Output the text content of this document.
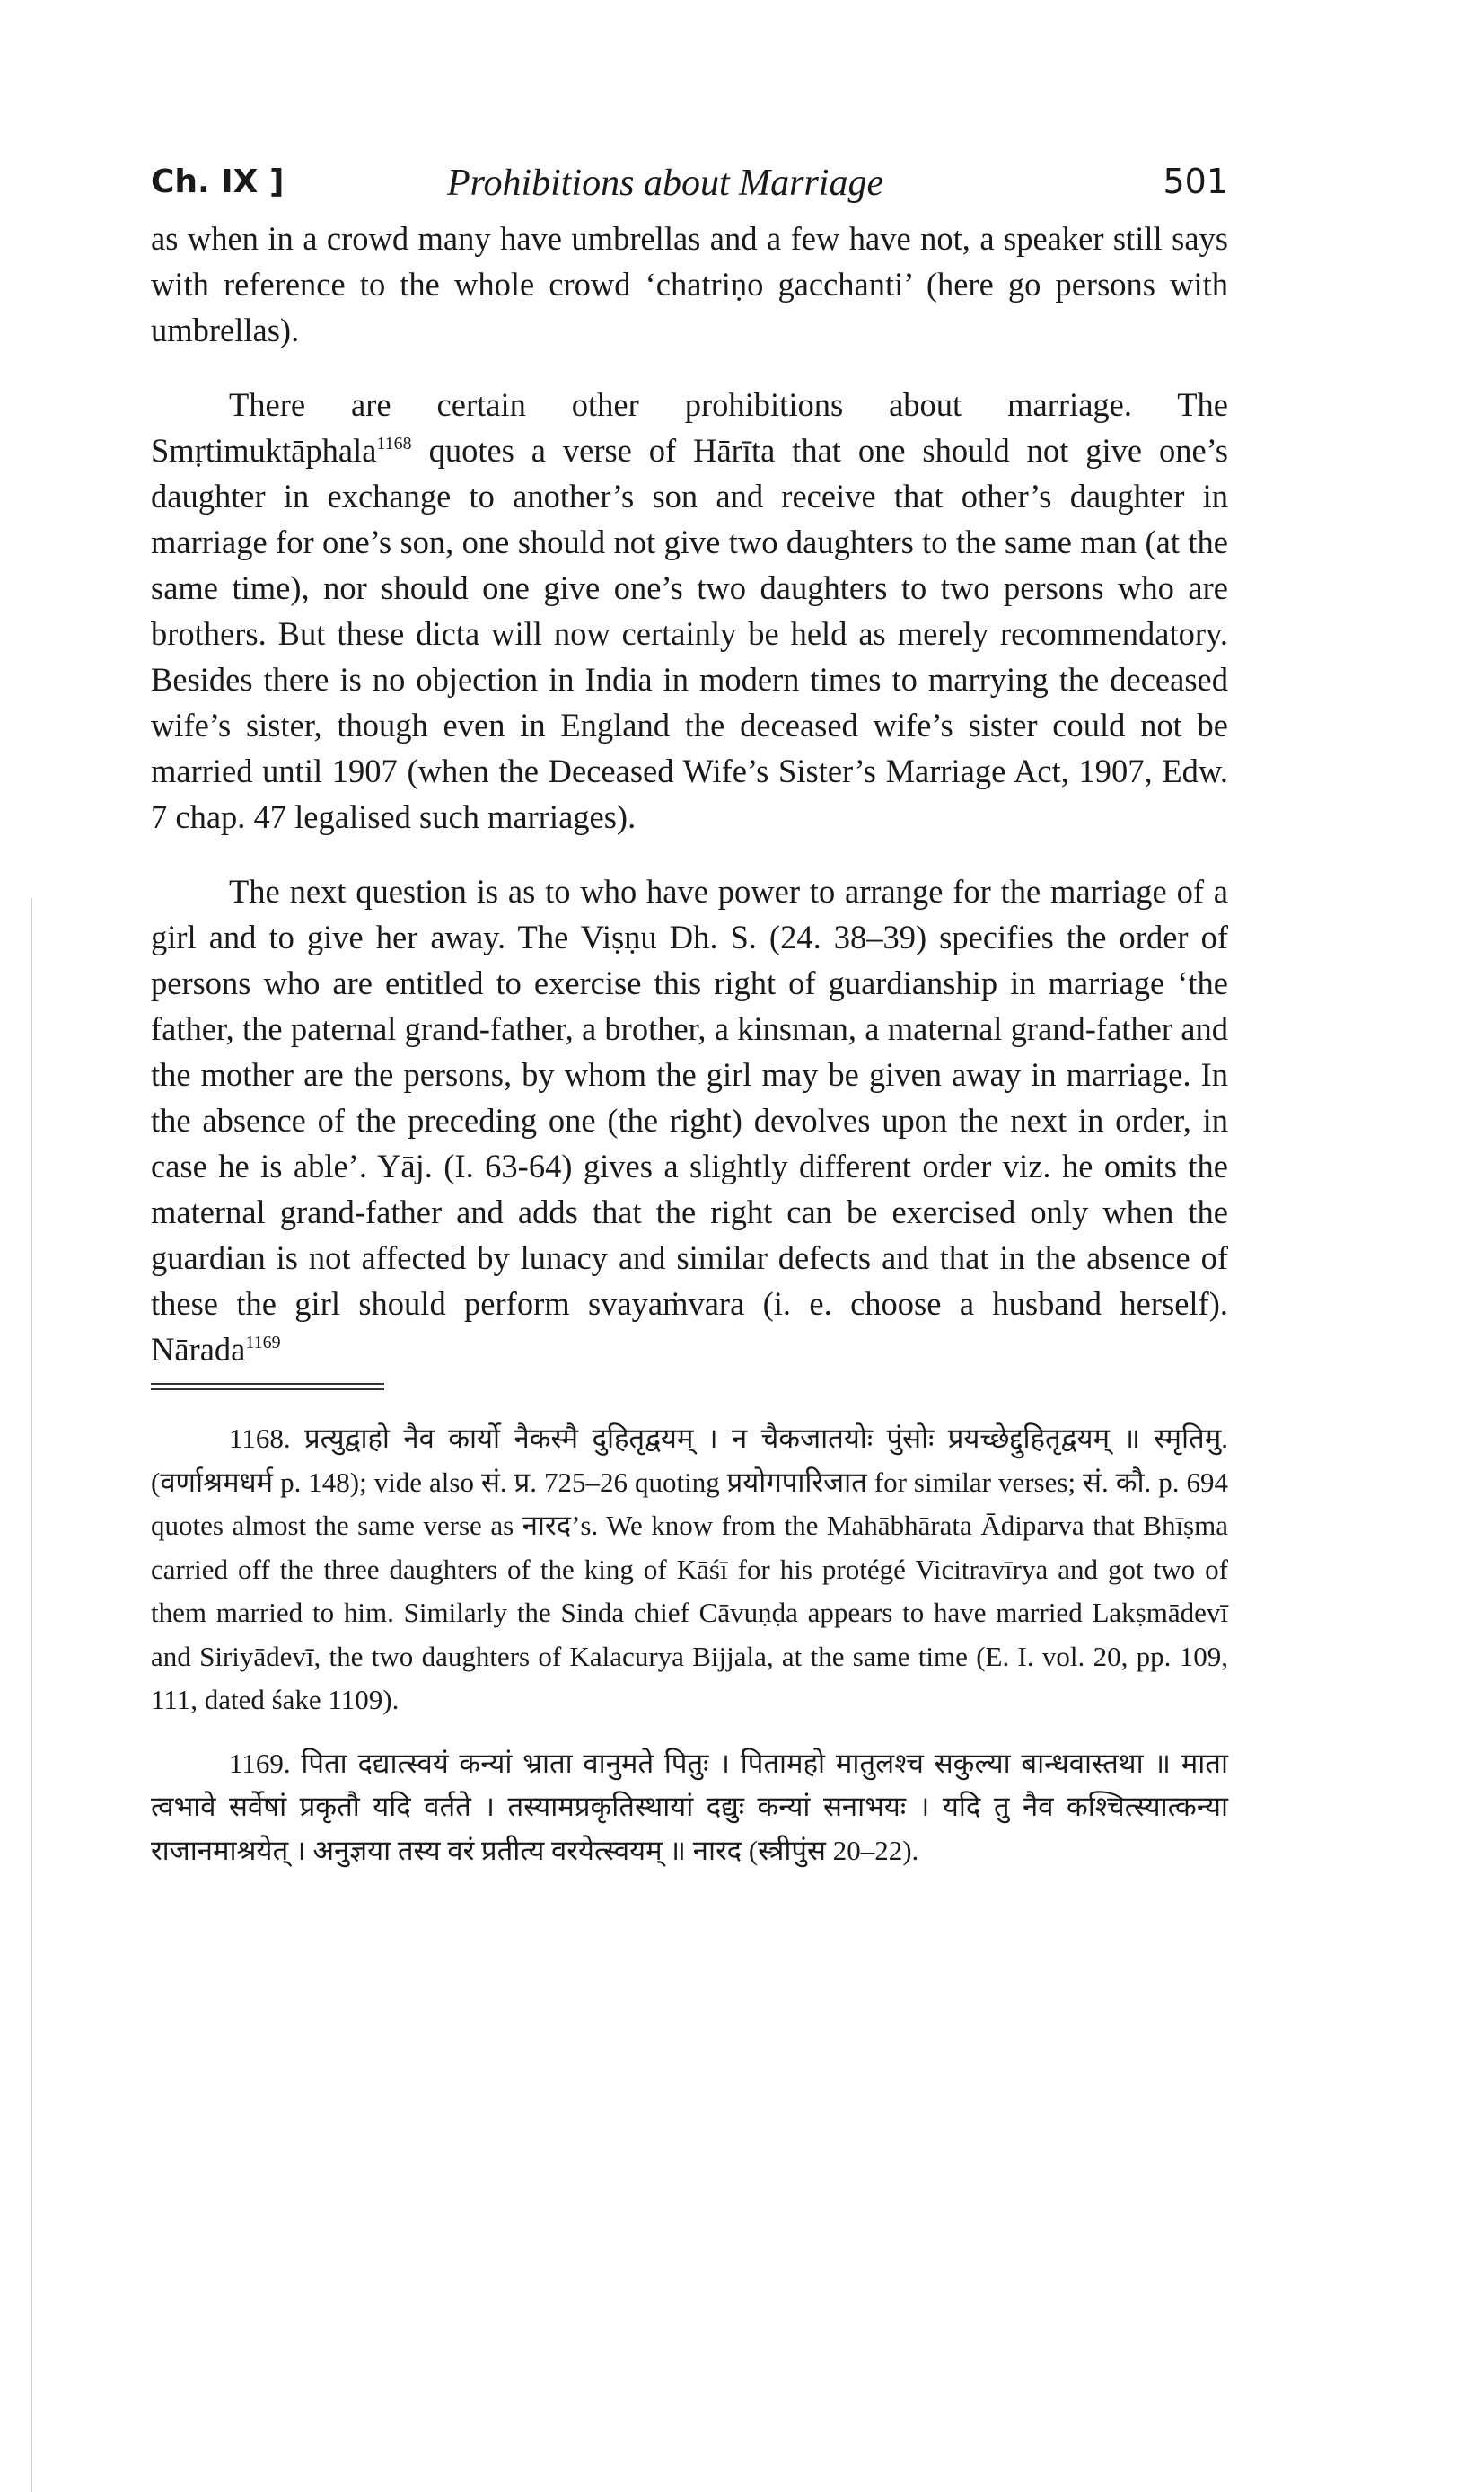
Ch. IX ]	Prohibitions about Marriage	501

as when in a crowd many have umbrellas and a few have not, a speaker still says with reference to the whole crowd ‘chatriṇo gacchanti’ (here go persons with umbrellas).

There are certain other prohibitions about marriage. The Smṛtimuktāphala$^{1168}$ quotes a verse of Hārīta that one should not give one’s daughter in exchange to another’s son and receive that other’s daughter in marriage for one’s son, one should not give two daughters to the same man (at the same time), nor should one give one’s two daughters to two persons who are brothers. But these dicta will now certainly be held as merely recommendatory. Besides there is no objection in India in modern times to marrying the deceased wife’s sister, though even in England the deceased wife’s sister could not be married until 1907 (when the Deceased Wife’s Sister’s Marriage Act, 1907, Edw. 7 chap. 47 legalised such marriages).

The next question is as to who have power to arrange for the marriage of a girl and to give her away. The Viṣṇu Dh. S. (24. 38–39) specifies the order of persons who are entitled to exercise this right of guardianship in marriage ‘the father, the paternal grand-father, a brother, a kinsman, a maternal grand-father and the mother are the persons, by whom the girl may be given away in marriage. In the absence of the preceding one (the right) devolves upon the next in order, in case he is able’. Yāj. (I. 63-64) gives a slightly different order viz. he omits the maternal grand-father and adds that the right can be exercised only when the guardian is not affected by lunacy and similar defects and that in the absence of these the girl should perform svayaṁvara (i. e. choose a husband herself). Nārada$^{1169}$

1168. प्रत्युद्वाहो नैव कार्यो नैकस्मै दुहितृद्वयम् । न चैकजातयोः पुंसोः प्रयच्छेद्दुहितृद्वयम् ॥ स्मृतिमु. (वर्णाश्रमधर्म p. 148); vide also सं. प्र. 725–26 quoting प्रयोगपारिजात for similar verses; सं. कौ. p. 694 quotes almost the same verse as नारद’s. We know from the Mahābhārata Ādiparva that Bhīṣma carried off the three daughters of the king of Kāśī for his protégé Vicitravīrya and got two of them married to him. Similarly the Sinda chief Cāvuṇḍa appears to have married Lakṣmādevī and Siriyādevī, the two daughters of Kalacurya Bijjala, at the same time (E. I. vol. 20, pp. 109, 111, dated śake 1109).

1169. पिता दद्यात्स्वयं कन्यां भ्राता वानुमते पितुः । पितामहो मातुलश्च सकुल्या बान्धवास्तथा ॥ माता त्वभावे सर्वेषां प्रकृतौ यदि वर्तते । तस्यामप्रकृतिस्थायां दद्युः कन्यां सनाभयः । यदि तु नैव कश्चित्स्यात्कन्या राजानमाश्रयेत् । अनुज्ञया तस्य वरं प्रतीत्य वरयेत्स्वयम् ॥ नारद (स्त्रीपुंस 20–22).
